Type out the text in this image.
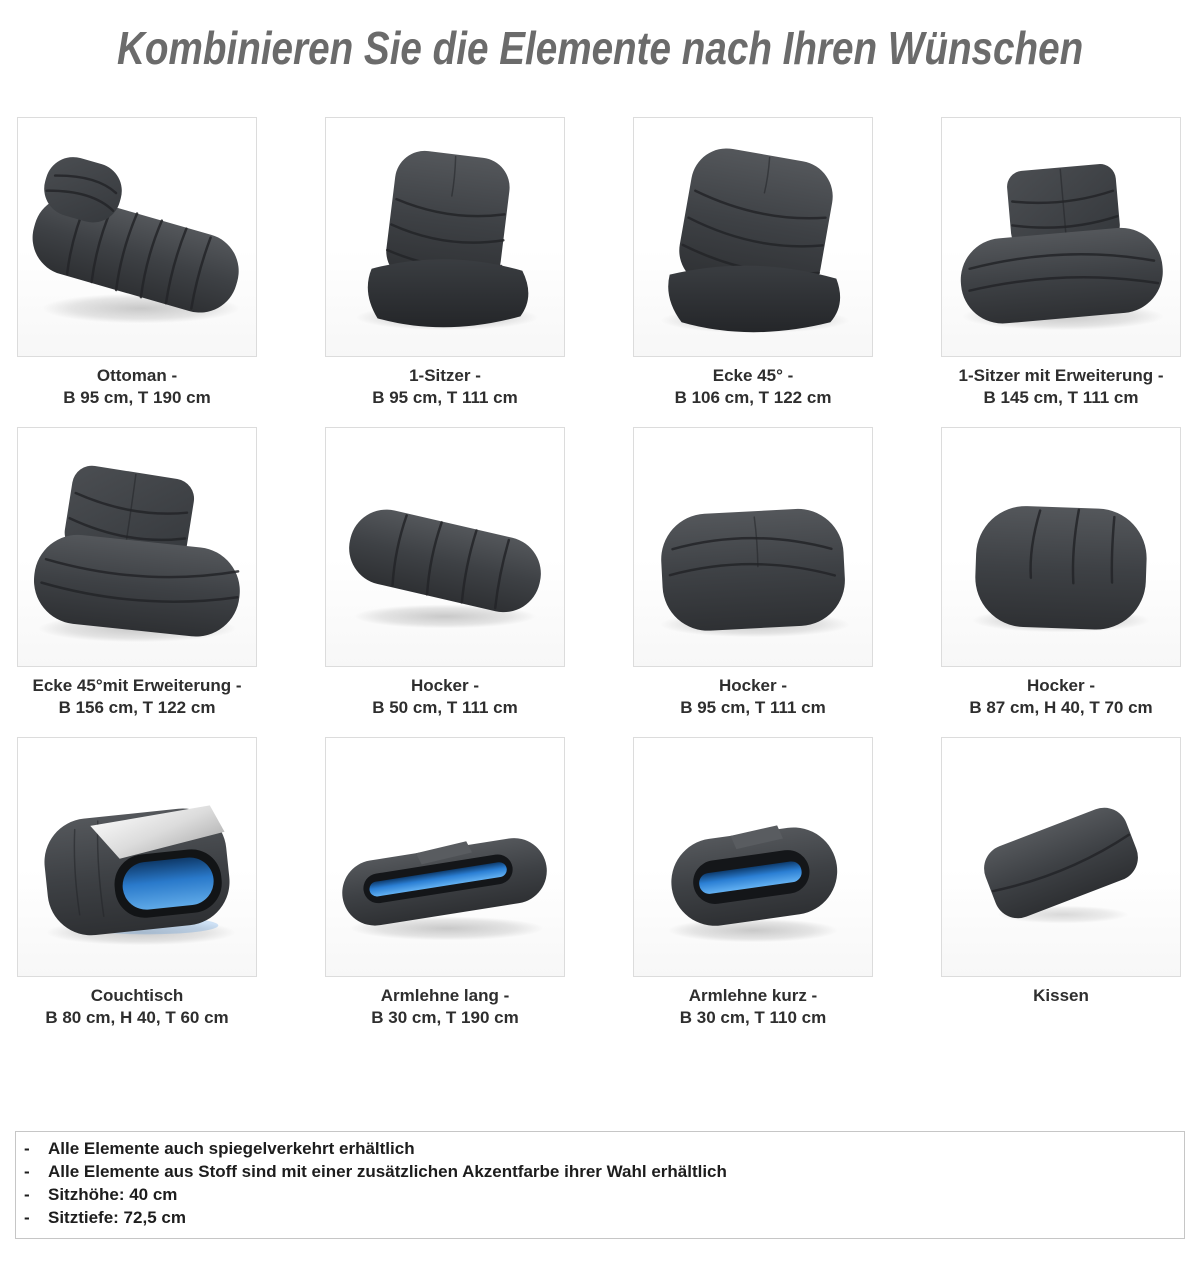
Kombinieren Sie die Elemente nach Ihren Wünschen
Ottoman -
B 95 cm, T 190 cm
1-Sitzer -
B 95 cm, T 111 cm
Ecke 45° -
B 106 cm, T 122 cm
1-Sitzer mit Erweiterung -
B 145 cm, T 111 cm
Ecke 45°mit Erweiterung -
B 156 cm, T 122 cm
Hocker -
B 50 cm, T 111 cm
Hocker -
B 95 cm, T 111 cm
Hocker -
B 87 cm, H 40, T 70 cm
Couchtisch
B 80 cm, H 40, T 60 cm
Armlehne lang -
B 30 cm, T 190 cm
Armlehne kurz -
B 30 cm, T 110 cm
Kissen
-	Alle Elemente auch spiegelverkehrt erhältlich
-	Alle Elemente aus Stoff sind mit einer zusätzlichen Akzentfarbe ihrer Wahl erhältlich
-	Sitzhöhe: 40 cm
-	Sitztiefe: 72,5 cm
